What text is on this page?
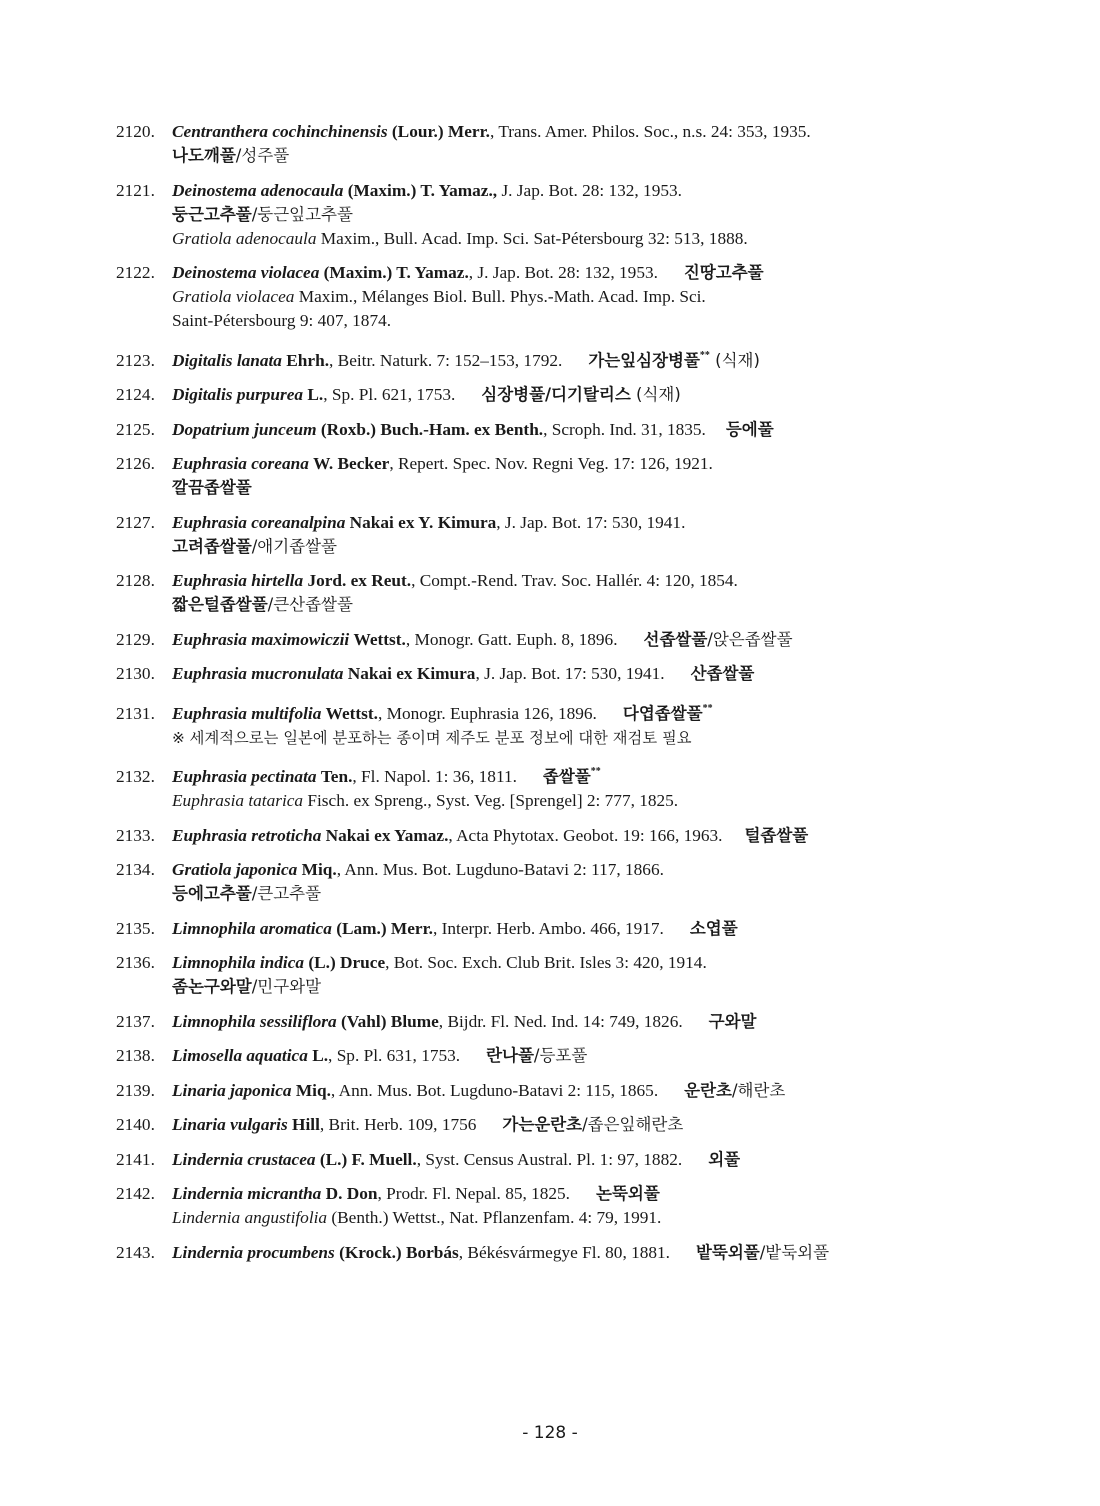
2120. Centranthera cochinchinensis (Lour.) Merr., Trans. Amer. Philos. Soc., n.s. 24: 353, 1935.
나도깨풀/성주풀
2121. Deinostema adenocaula (Maxim.) T. Yamaz., J. Jap. Bot. 28: 132, 1953.
둥근고추풀/둥근잎고추풀
Gratiola adenocaula Maxim., Bull. Acad. Imp. Sci. Sat-Pétersbourg 32: 513, 1888.
2122. Deinostema violacea (Maxim.) T. Yamaz., J. Jap. Bot. 28: 132, 1953. 진땅고추풀
Gratiola violacea Maxim., Mélanges Biol. Bull. Phys.-Math. Acad. Imp. Sci.
Saint-Pétersbourg 9: 407, 1874.
2123. Digitalis lanata Ehrh., Beitr. Naturk. 7: 152–153, 1792. 가는잎심장병풀** (식재)
2124. Digitalis purpurea L., Sp. Pl. 621, 1753. 심장병풀/디기탈리스 (식재)
2125. Dopatrium junceum (Roxb.) Buch.-Ham. ex Benth., Scroph. Ind. 31, 1835. 등에풀
2126. Euphrasia coreana W. Becker, Repert. Spec. Nov. Regni Veg. 17: 126, 1921.
깔끔좁쌀풀
2127. Euphrasia coreanalpina Nakai ex Y. Kimura, J. Jap. Bot. 17: 530, 1941.
고려좁쌀풀/애기좁쌀풀
2128. Euphrasia hirtella Jord. ex Reut., Compt.-Rend. Trav. Soc. Hallér. 4: 120, 1854.
짧은털좁쌀풀/큰산좁쌀풀
2129. Euphrasia maximowiczii Wettst., Monogr. Gatt. Euph. 8, 1896. 선좁쌀풀/앉은좁쌀풀
2130. Euphrasia mucronulata Nakai ex Kimura, J. Jap. Bot. 17: 530, 1941. 산좁쌀풀
2131. Euphrasia multifolia Wettst., Monogr. Euphrasia 126, 1896. 다엽좁쌀풀**
※ 세계적으로는 일본에 분포하는 종이며 제주도 분포 정보에 대한 재검토 필요
2132. Euphrasia pectinata Ten., Fl. Napol. 1: 36, 1811. 좁쌀풀**
Euphrasia tatarica Fisch. ex Spreng., Syst. Veg. [Sprengel] 2: 777, 1825.
2133. Euphrasia retroticha Nakai ex Yamaz., Acta Phytotax. Geobot. 19: 166, 1963. 털좁쌀풀
2134. Gratiola japonica Miq., Ann. Mus. Bot. Lugduno-Batavi 2: 117, 1866.
등에고추풀/큰고추풀
2135. Limnophila aromatica (Lam.) Merr., Interpr. Herb. Ambo. 466, 1917. 소엽풀
2136. Limnophila indica (L.) Druce, Bot. Soc. Exch. Club Brit. Isles 3: 420, 1914.
좀논구와말/민구와말
2137. Limnophila sessiliflora (Vahl) Blume, Bijdr. Fl. Ned. Ind. 14: 749, 1826. 구와말
2138. Limosella aquatica L., Sp. Pl. 631, 1753. 란나풀/등포풀
2139. Linaria japonica Miq., Ann. Mus. Bot. Lugduno-Batavi 2: 115, 1865. 운란초/해란초
2140. Linaria vulgaris Hill, Brit. Herb. 109, 1756 가는운란초/좁은잎해란초
2141. Lindernia crustacea (L.) F. Muell., Syst. Census Austral. Pl. 1: 97, 1882. 외풀
2142. Lindernia micrantha D. Don, Prodr. Fl. Nepal. 85, 1825. 논뚝외풀
Lindernia angustifolia (Benth.) Wettst., Nat. Pflanzenfam. 4: 79, 1991.
2143. Lindernia procumbens (Krock.) Borbás, Békésvármegye Fl. 80, 1881. 밭뚝외풀/밭둑외풀
- 128 -
